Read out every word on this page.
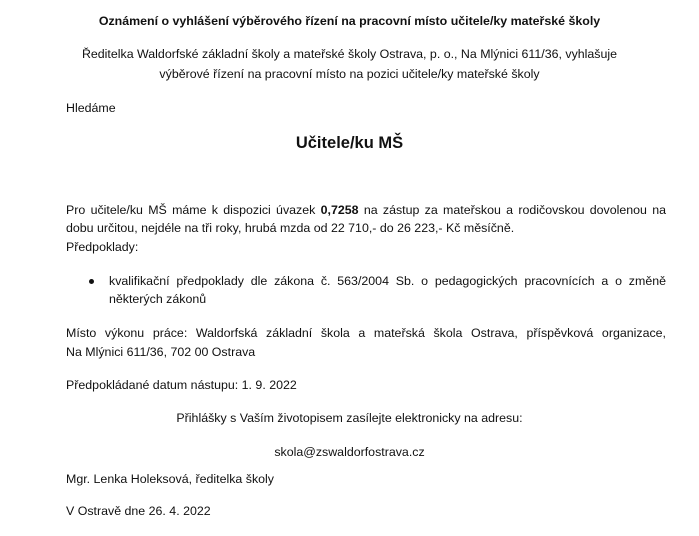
Oznámení o vyhlášení výběrového řízení na pracovní místo učitele/ky mateřské školy
Ředitelka Waldorfské základní školy a mateřské školy Ostrava, p. o., Na Mlýnici 611/36, vyhlašuje
výběrové řízení na pracovní místo na pozici učitele/ky mateřské školy
Hledáme
Učitele/ku MŠ
Pro učitele/ku MŠ máme k dispozici úvazek 0,7258 na zástup za mateřskou a rodičovskou dovolenou na
dobu určitou, nejdéle na tři roky, hrubá mzda od 22 710,- do 26 223,- Kč měsíčně.
Předpoklady:
kvalifikační předpoklady dle zákona č. 563/2004 Sb. o pedagogických pracovnících a o změně
některých zákonů
Místo výkonu práce: Waldorfská základní škola a mateřská škola Ostrava, příspěvková organizace,
Na Mlýnici 611/36, 702 00 Ostrava
Předpokládané datum nástupu: 1. 9. 2022
Přihlášky s Vaším životopisem zasílejte elektronicky na adresu:
skola@zswaldorfostrava.cz
Mgr. Lenka Holeksová, ředitelka školy
V Ostravě dne 26. 4. 2022
